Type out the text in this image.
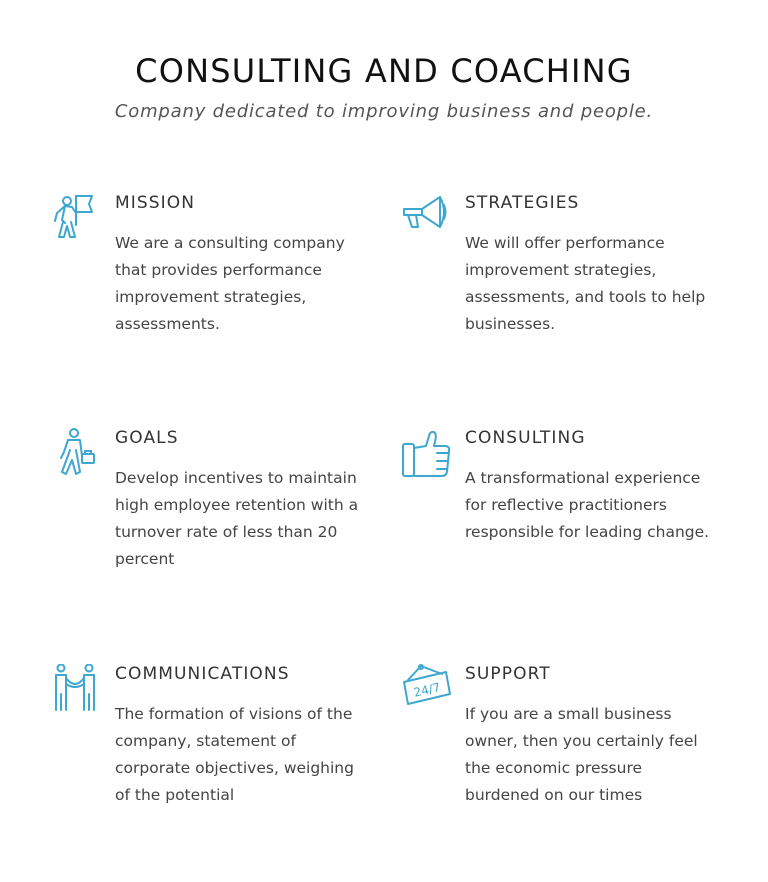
CONSULTING AND COACHING

Company dedicated to improving business and people.

MISSION

We are a consulting company that provides performance improvement strategies, assessments.

STRATEGIES

We will offer performance improvement strategies, assessments, and tools to help businesses.

GOALS

Develop incentives to maintain high employee retention with a turnover rate of less than 20 percent

CONSULTING

A transformational experience for reflective practitioners responsible for leading change.

COMMUNICATIONS

The formation of visions of the company, statement of corporate objectives, weighing of the potential

24/7
SUPPORT

If you are a small business owner, then you certainly feel the economic pressure burdened on our times
